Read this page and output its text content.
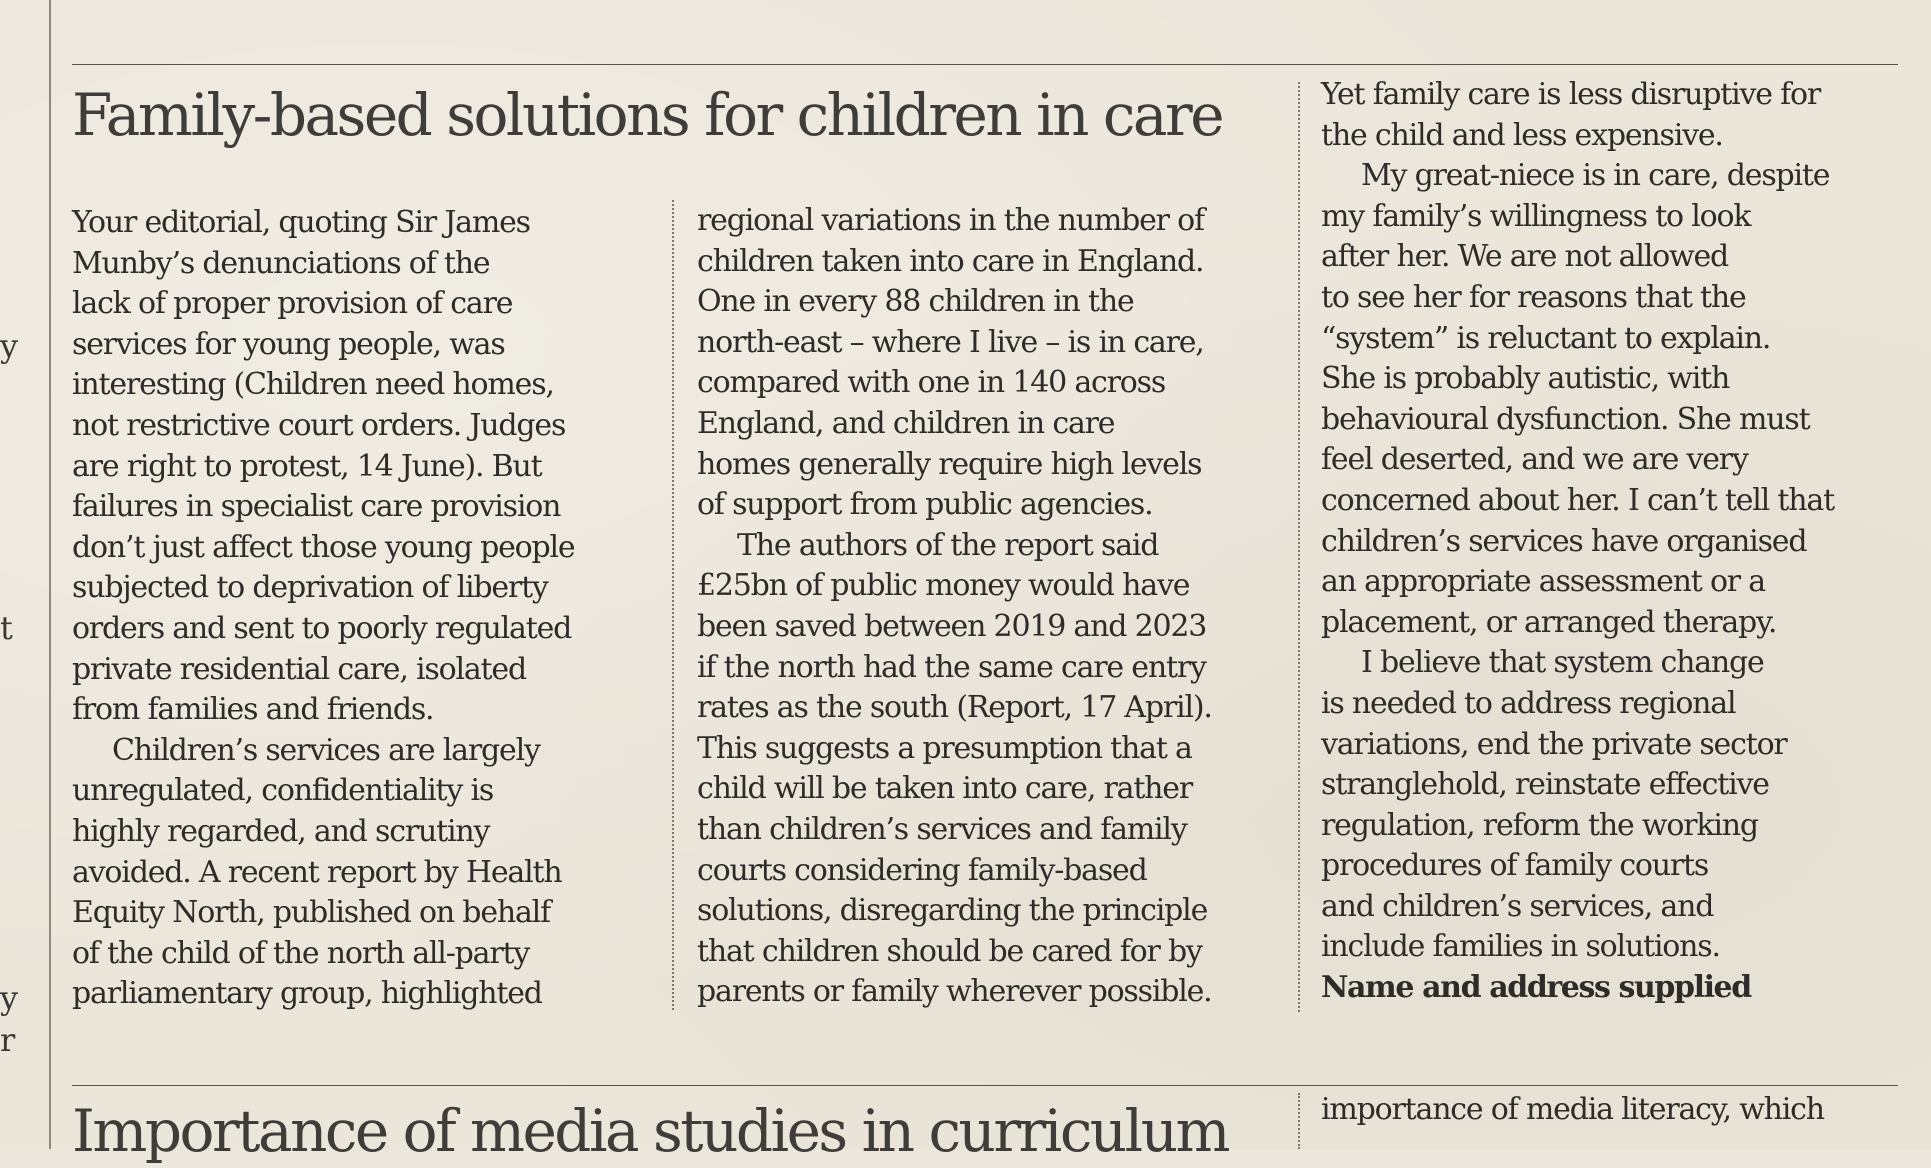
y
t
y
r
Family-based solutions for children in care
Your editorial, quoting Sir James
Munby’s denunciations of the
lack of proper provision of care
services for young people, was
interesting (Children need homes,
not restrictive court orders. Judges
are right to protest, 14 June). But
failures in specialist care provision
don’t just affect those young people
subjected to deprivation of liberty
orders and sent to poorly regulated
private residential care, isolated
from families and friends.
Children’s services are largely
unregulated, confidentiality is
highly regarded, and scrutiny
avoided. A recent report by Health
Equity North, published on behalf
of the child of the north all-party
parliamentary group, highlighted
regional variations in the number of
children taken into care in England.
One in every 88 children in the
north-east – where I live – is in care,
compared with one in 140 across
England, and children in care
homes generally require high levels
of support from public agencies.
The authors of the report said
£25bn of public money would have
been saved between 2019 and 2023
if the north had the same care entry
rates as the south (Report, 17 April).
This suggests a presumption that a
child will be taken into care, rather
than children’s services and family
courts considering family-based
solutions, disregarding the principle
that children should be cared for by
parents or family wherever possible.
Yet family care is less disruptive for
the child and less expensive.
My great-niece is in care, despite
my family’s willingness to look
after her. We are not allowed
to see her for reasons that the
“system” is reluctant to explain.
She is probably autistic, with
behavioural dysfunction. She must
feel deserted, and we are very
concerned about her. I can’t tell that
children’s services have organised
an appropriate assessment or a
placement, or arranged therapy.
I believe that system change
is needed to address regional
variations, end the private sector
stranglehold, reinstate effective
regulation, reform the working
procedures of family courts
and children’s services, and
include families in solutions.
Name and address supplied
Importance of media studies in curriculum	importance of media literacy, which
